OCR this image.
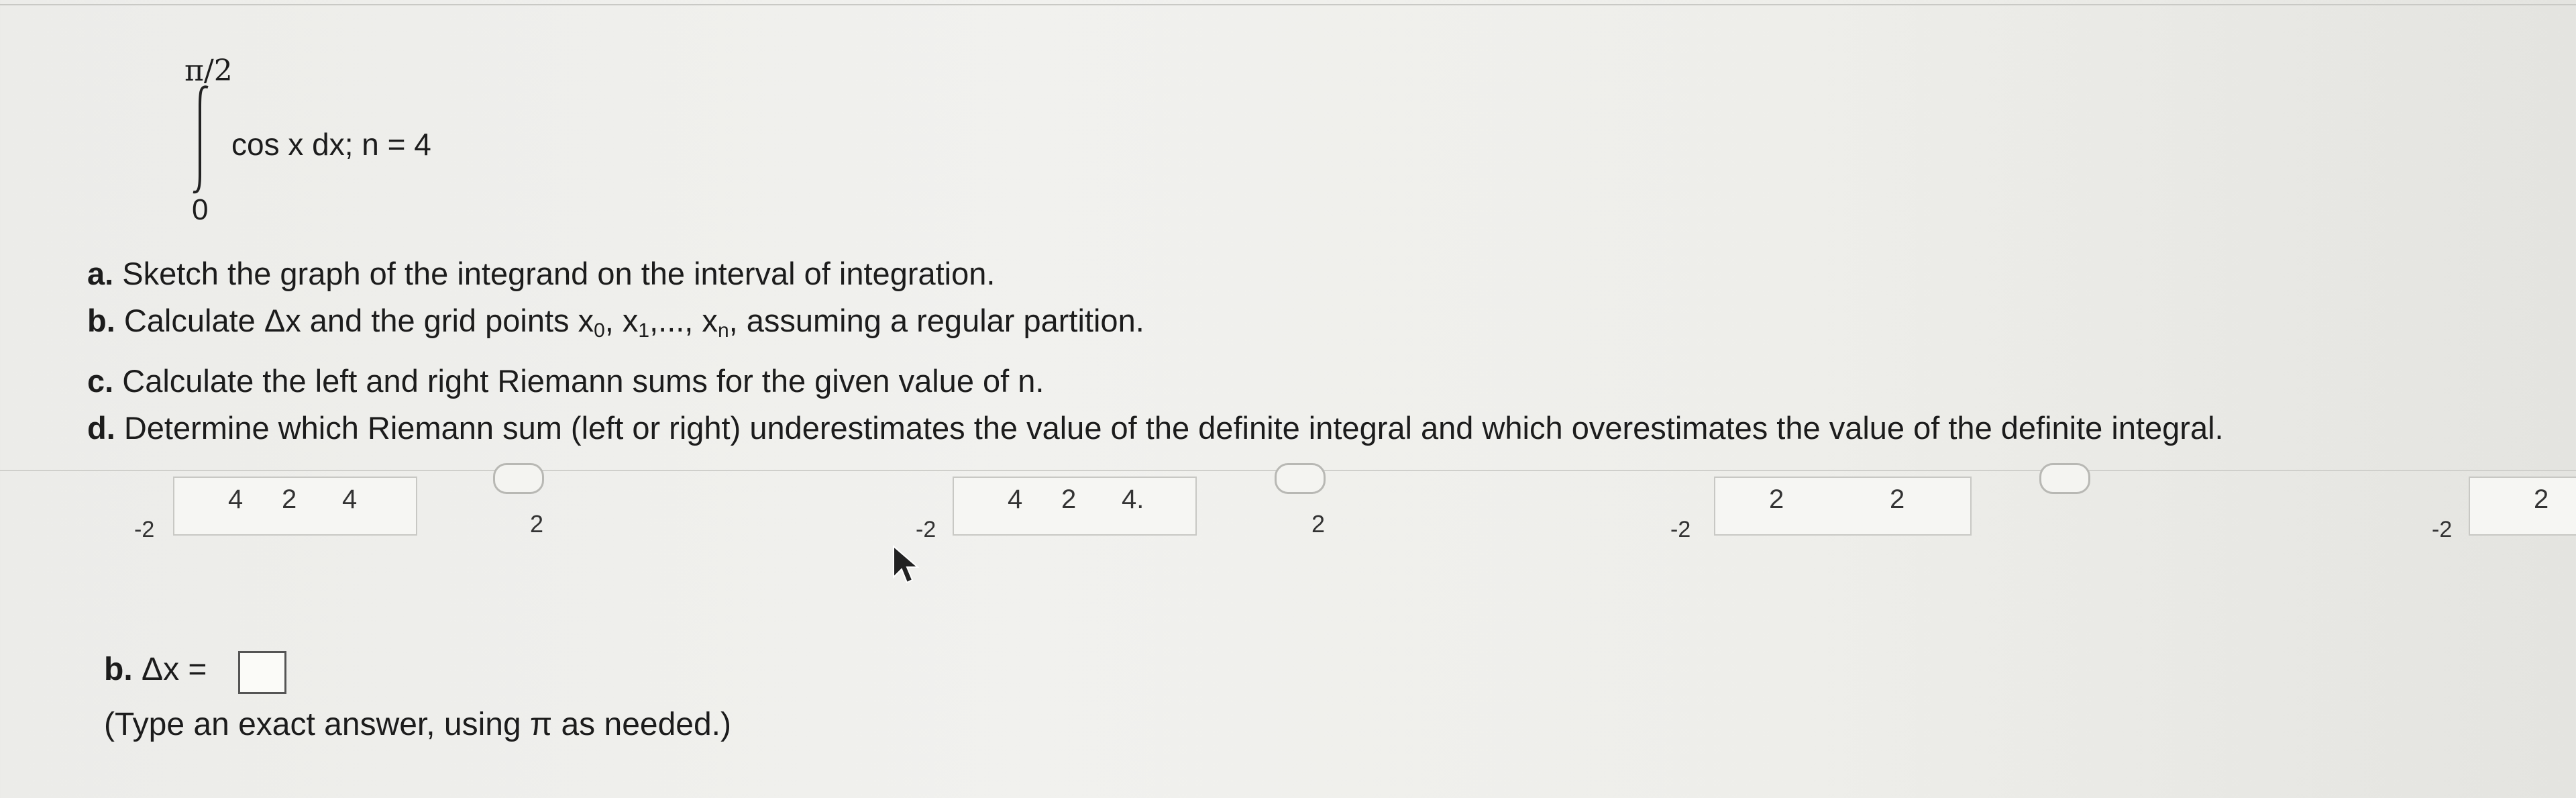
π/2
cos x dx; n = 4
0
a. Sketch the graph of the integrand on the interval of integration.
b. Calculate Δx and the grid points $x_0$, $x_1$,..., $x_n$, assuming a regular partition.
c. Calculate the left and right Riemann sums for the given value of n.
d. Determine which Riemann sum (left or right) underestimates the value of the definite integral and which overestimates the value of the definite integral.
4 2 4
-2	2
4 2 4.
-2	2
2	2
-2
2
-2
b. Δx =
(Type an exact answer, using π as needed.)
